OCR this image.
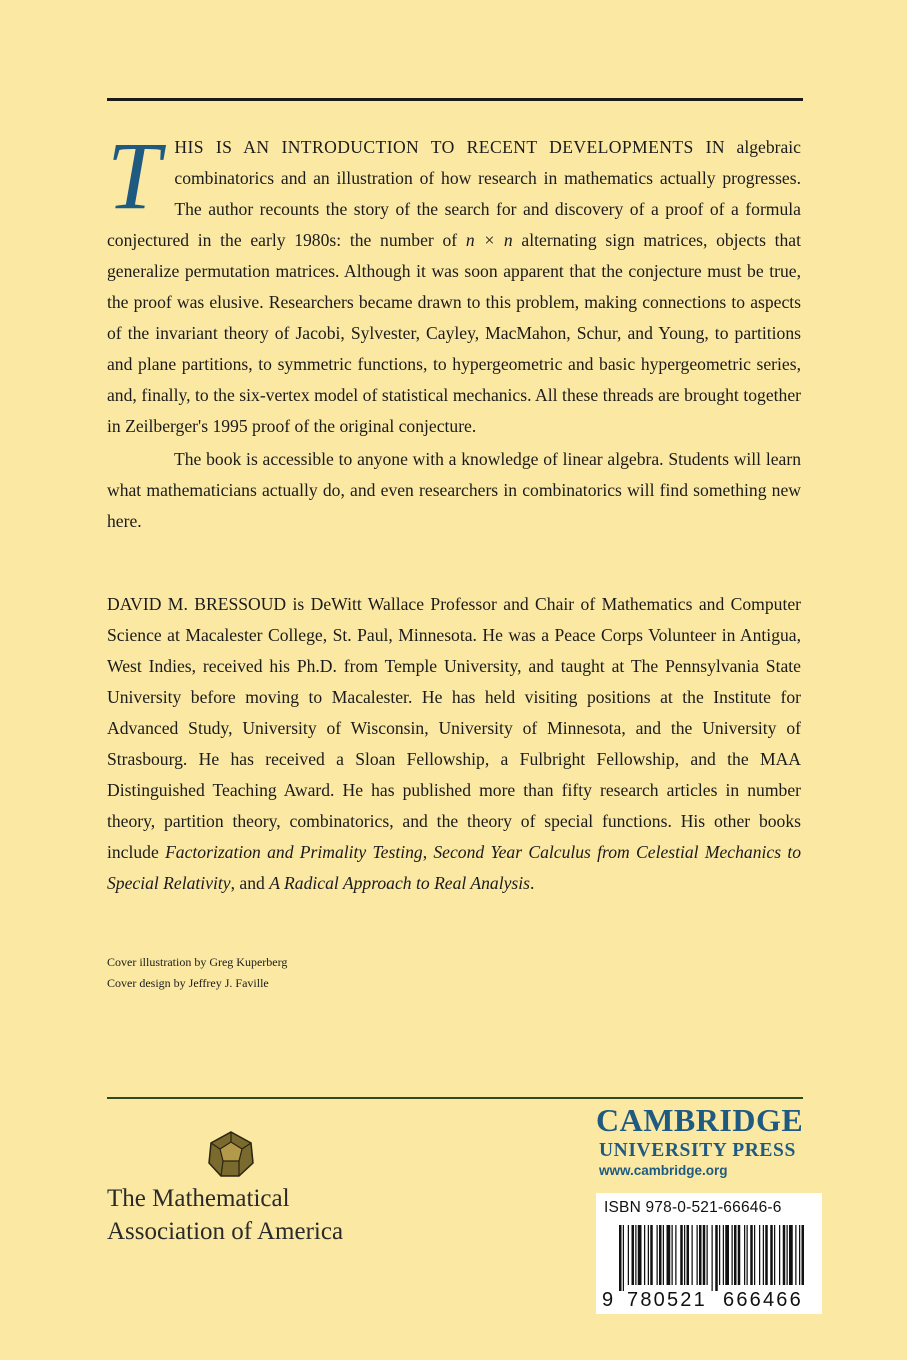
THIS IS AN INTRODUCTION TO RECENT DEVELOPMENTS IN algebraic combinatorics and an illustration of how research in mathematics actually progresses. The author recounts the story of the search for and discovery of a proof of a formula conjectured in the early 1980s: the number of n × n alternating sign matrices, objects that generalize permutation matrices. Although it was soon apparent that the conjecture must be true, the proof was elusive. Researchers became drawn to this problem, making connections to aspects of the invariant theory of Jacobi, Sylvester, Cayley, MacMahon, Schur, and Young, to partitions and plane partitions, to symmetric functions, to hypergeometric and basic hypergeometric series, and, finally, to the six-vertex model of statistical mechanics. All these threads are brought together in Zeilberger's 1995 proof of the original conjecture.

The book is accessible to anyone with a knowledge of linear algebra. Students will learn what mathematicians actually do, and even researchers in combinatorics will find something new here.

DAVID M. BRESSOUD is DeWitt Wallace Professor and Chair of Mathematics and Computer Science at Macalester College, St. Paul, Minnesota. He was a Peace Corps Volunteer in Antigua, West Indies, received his Ph.D. from Temple University, and taught at The Pennsylvania State University before moving to Macalester. He has held visiting positions at the Institute for Advanced Study, University of Wisconsin, University of Minnesota, and the University of Strasbourg. He has received a Sloan Fellowship, a Fulbright Fellowship, and the MAA Distinguished Teaching Award. He has published more than fifty research articles in number theory, partition theory, combinatorics, and the theory of special functions. His other books include Factorization and Primality Testing, Second Year Calculus from Celestial Mechanics to Special Relativity, and A Radical Approach to Real Analysis.

Cover illustration by Greg Kuperberg
Cover design by Jeffrey J. Faville
The Mathematical
Association of America
CAMBRIDGE
UNIVERSITY PRESS
www.cambridge.org
ISBN 978-0-521-66646-6
9 780521 666466
